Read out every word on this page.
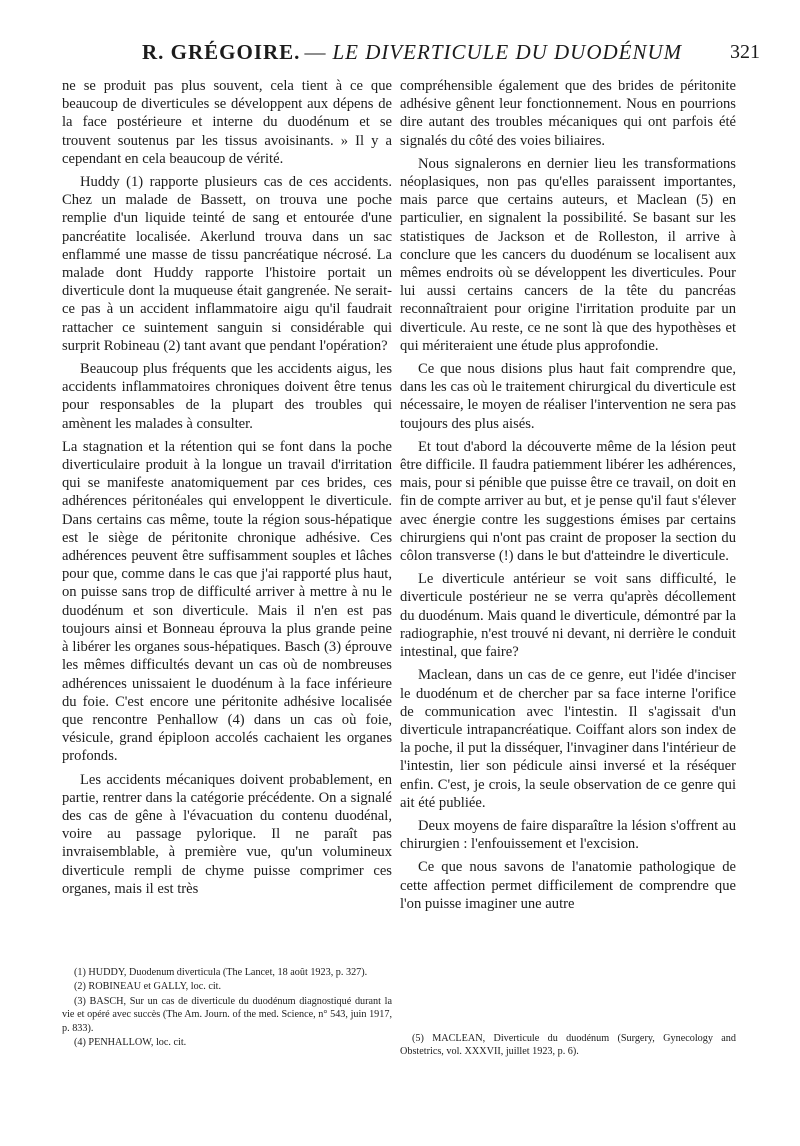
R. GRÉGOIRE. — LE DIVERTICULE DU DUODÉNUM 321

ne se produit pas plus souvent, cela tient à ce que beaucoup de diverticules se développent aux dépens de la face postérieure et interne du duodénum et se trouvent soutenus par les tissus avoisinants. » Il y a cependant en cela beaucoup de vérité.

Huddy (1) rapporte plusieurs cas de ces accidents. Chez un malade de Bassett, on trouva une poche remplie d'un liquide teinté de sang et entourée d'une pancréatite localisée. Akerlund trouva dans un sac enflammé une masse de tissu pancréatique nécrosé. La malade dont Huddy rapporte l'histoire portait un diverticule dont la muqueuse était gangrenée. Ne serait-ce pas à un accident inflammatoire aigu qu'il faudrait rattacher ce suintement sanguin si considérable qui surprit Robineau (2) tant avant que pendant l'opération?

Beaucoup plus fréquents que les accidents aigus, les accidents inflammatoires chroniques doivent être tenus pour responsables de la plupart des troubles qui amènent les malades à consulter.

La stagnation et la rétention qui se font dans la poche diverticulaire produit à la longue un travail d'irritation qui se manifeste anatomiquement par ces brides, ces adhérences péritonéales qui enveloppent le diverticule. Dans certains cas même, toute la région sous-hépatique est le siège de péritonite chronique adhésive. Ces adhérences peuvent être suffisamment souples et lâches pour que, comme dans le cas que j'ai rapporté plus haut, on puisse sans trop de difficulté arriver à mettre à nu le duodénum et son diverticule. Mais il n'en est pas toujours ainsi et Bonneau éprouva la plus grande peine à libérer les organes sous-hépatiques. Basch (3) éprouve les mêmes difficultés devant un cas où de nombreuses adhérences unissaient le duodénum à la face inférieure du foie. C'est encore une péritonite adhésive localisée que rencontre Penhallow (4) dans un cas où foie, vésicule, grand épiploon accolés cachaient les organes profonds.

Les accidents mécaniques doivent probablement, en partie, rentrer dans la catégorie précédente. On a signalé des cas de gêne à l'évacuation du contenu duodénal, voire au passage pylorique. Il ne paraît pas invraisemblable, à première vue, qu'un volumineux diverticule rempli de chyme puisse comprimer ces organes, mais il est très

compréhensible également que des brides de péritonite adhésive gênent leur fonctionnement. Nous en pourrions dire autant des troubles mécaniques qui ont parfois été signalés du côté des voies biliaires.

Nous signalerons en dernier lieu les transformations néoplasiques, non pas qu'elles paraissent importantes, mais parce que certains auteurs, et Maclean (5) en particulier, en signalent la possibilité. Se basant sur les statistiques de Jackson et de Rolleston, il arrive à conclure que les cancers du duodénum se localisent aux mêmes endroits où se développent les diverticules. Pour lui aussi certains cancers de la tête du pancréas reconnaîtraient pour origine l'irritation produite par un diverticule. Au reste, ce ne sont là que des hypothèses et qui mériteraient une étude plus approfondie.

Ce que nous disions plus haut fait comprendre que, dans les cas où le traitement chirurgical du diverticule est nécessaire, le moyen de réaliser l'intervention ne sera pas toujours des plus aisés.

Et tout d'abord la découverte même de la lésion peut être difficile. Il faudra patiemment libérer les adhérences, mais, pour si pénible que puisse être ce travail, on doit en fin de compte arriver au but, et je pense qu'il faut s'élever avec énergie contre les suggestions émises par certains chirurgiens qui n'ont pas craint de proposer la section du côlon transverse (!) dans le but d'atteindre le diverticule.

Le diverticule antérieur se voit sans difficulté, le diverticule postérieur ne se verra qu'après décollement du duodénum. Mais quand le diverticule, démontré par la radiographie, n'est trouvé ni devant, ni derrière le conduit intestinal, que faire?

Maclean, dans un cas de ce genre, eut l'idée d'inciser le duodénum et de chercher par sa face interne l'orifice de communication avec l'intestin. Il s'agissait d'un diverticule intrapancréatique. Coiffant alors son index de la poche, il put la disséquer, l'invaginer dans l'intérieur de l'intestin, lier son pédicule ainsi inversé et la réséquer enfin. C'est, je crois, la seule observation de ce genre qui ait été publiée.

Deux moyens de faire disparaître la lésion s'offrent au chirurgien : l'enfouissement et l'excision.

Ce que nous savons de l'anatomie pathologique de cette affection permet difficilement de comprendre que l'on puisse imaginer une autre

(1) HUDDY, Duodenum diverticula (The Lancet, 18 août 1923, p. 327).

(2) ROBINEAU et GALLY, loc. cit.

(3) BASCH, Sur un cas de diverticule du duodénum diagnostiqué durant la vie et opéré avec succès (The Am. Journ. of the med. Science, n° 543, juin 1917, p. 833).

(4) PENHALLOW, loc. cit.	(5) MACLEAN, Diverticule du duodénum (Surgery, Gynecology and Obstetrics, vol. XXXVII, juillet 1923, p. 6).
